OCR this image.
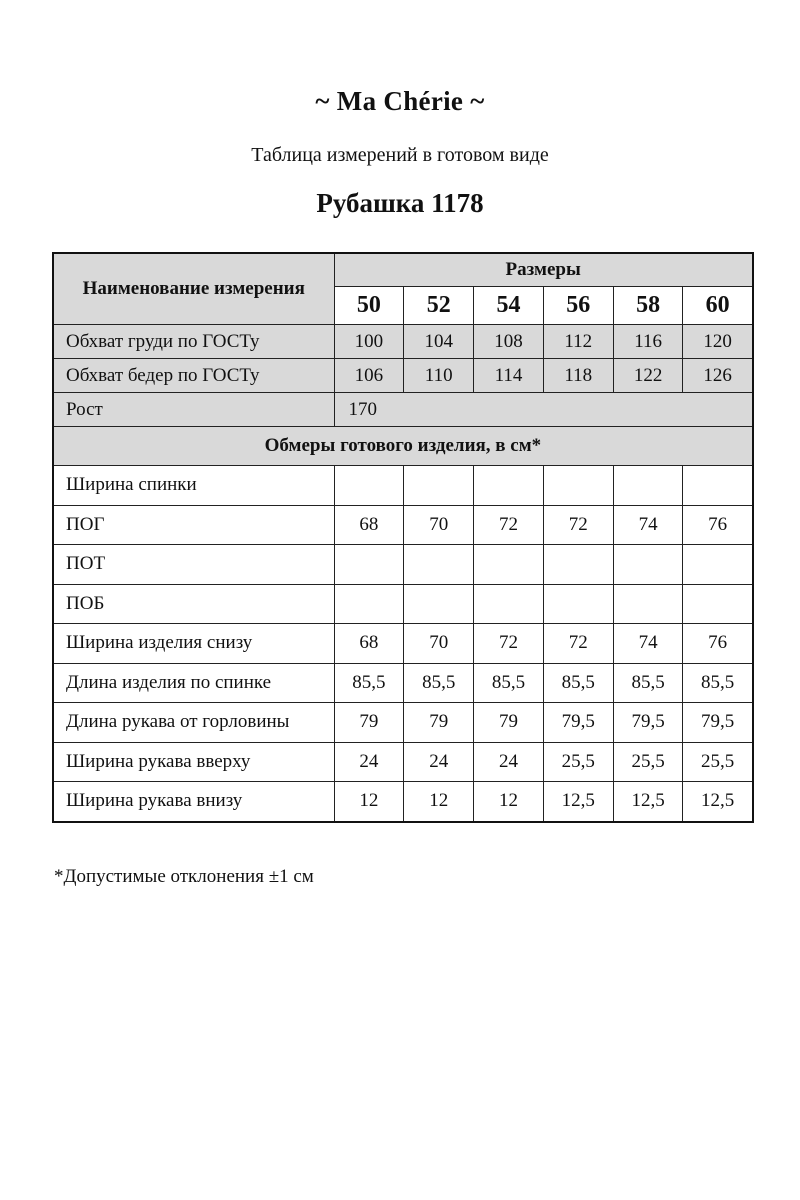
~ Ma Chérie ~
Таблица измерений в готовом виде
Рубашка 1178
Наименование измерения	Размеры					
	50	52	54	56	58	60
Обхват груди по ГОСТу	100	104	108	112	116	120
Обхват бедер по ГОСТу	106	110	114	118	122	126
Рост	170					
Обмеры готового изделия, в см*						
Ширина спинки						
ПОГ	68	70	72	72	74	76
ПОТ						
ПОБ						
Ширина изделия снизу	68	70	72	72	74	76
Длина изделия по спинке	85,5	85,5	85,5	85,5	85,5	85,5
Длина рукава от горловины	79	79	79	79,5	79,5	79,5
Ширина рукава вверху	24	24	24	25,5	25,5	25,5
Ширина рукава внизу	12	12	12	12,5	12,5	12,5
*Допустимые отклонения ±1 см
